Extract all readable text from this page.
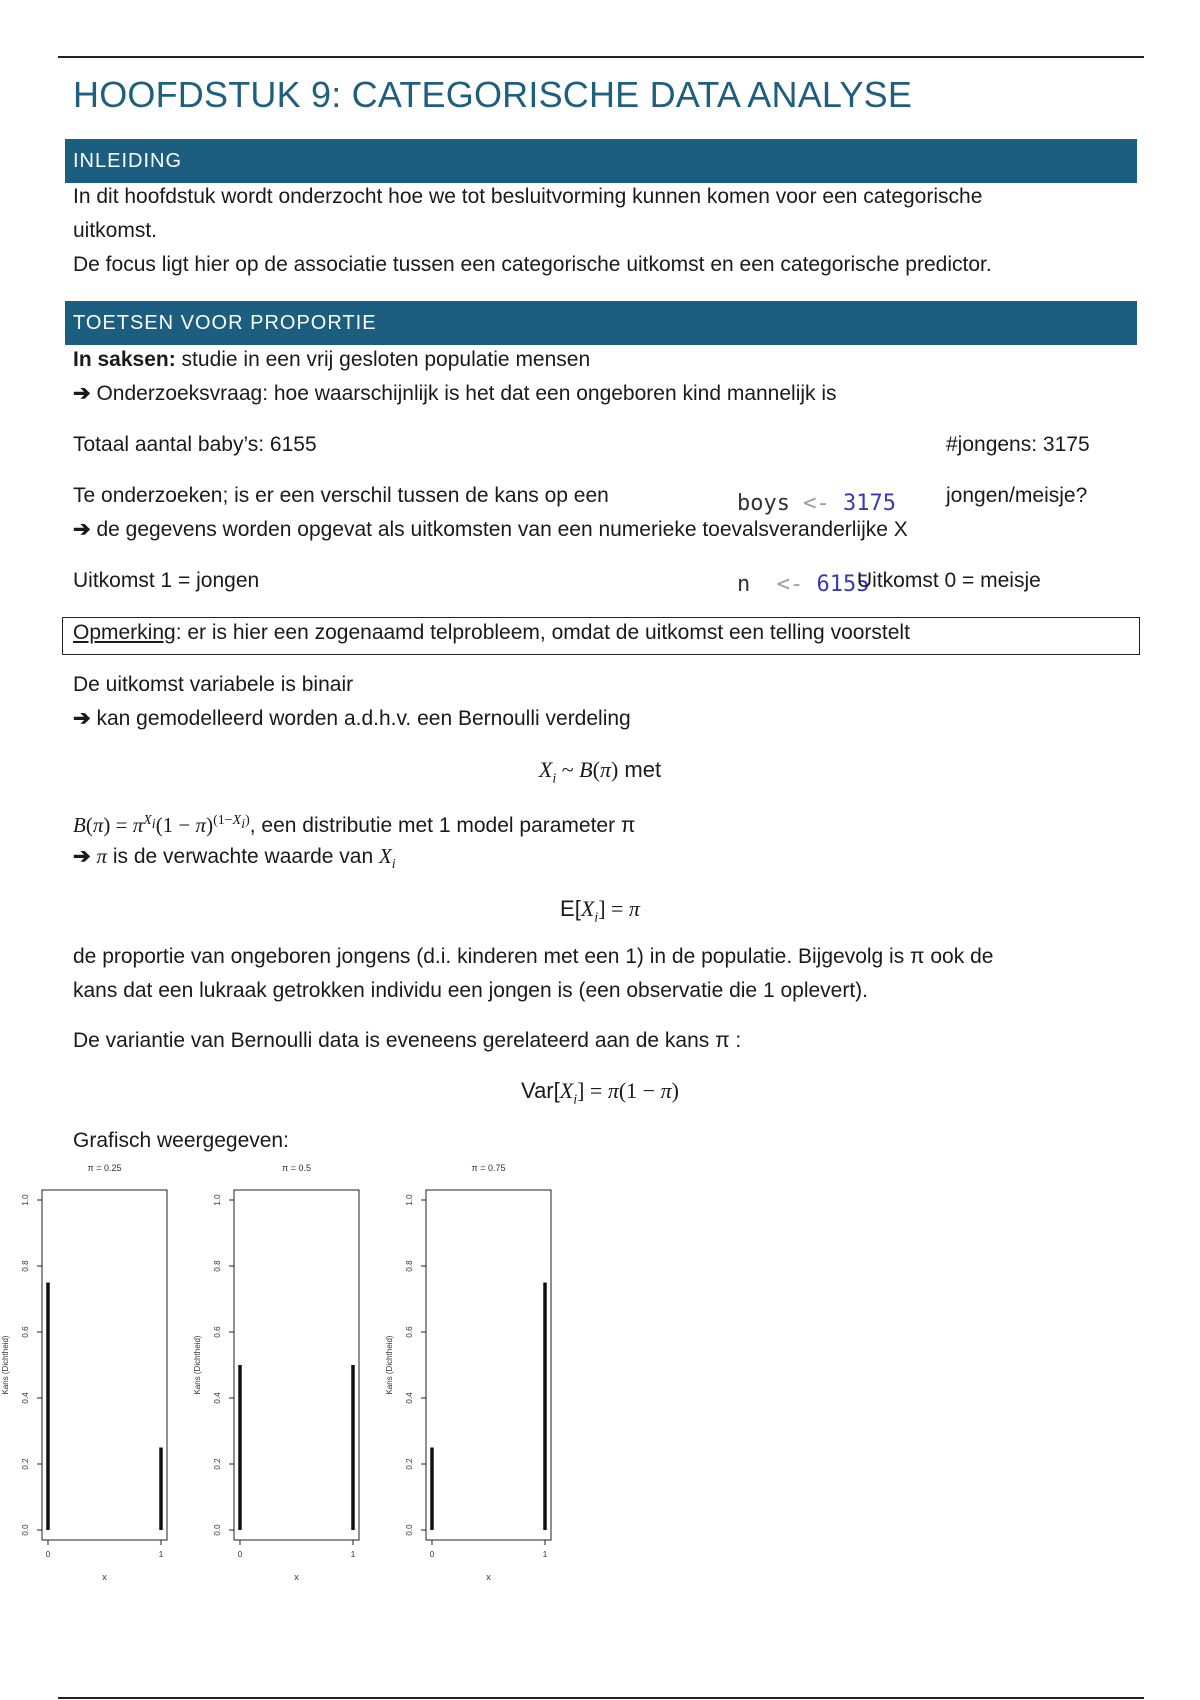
HOOFDSTUK 9: CATEGORISCHE DATA ANALYSE
INLEIDING
In dit hoofdstuk wordt onderzocht hoe we tot besluitvorming kunnen komen voor een categorische
uitkomst.
De focus ligt hier op de associatie tussen een categorische uitkomst en een categorische predictor.
TOETSEN VOOR PROPORTIE
In saksen: studie in een vrij gesloten populatie mensen
➔ Onderzoeksvraag: hoe waarschijnlijk is het dat een ongeboren kind mannelijk is
Totaal aantal baby’s: 6155

boys <- 3175

n  <- 6155

#jongens: 3175
Te onderzoeken; is er een verschil tussen de kans op een	jongen/meisje?
➔ de gegevens worden opgevat als uitkomsten van een numerieke toevalsveranderlijke X
Uitkomst 1 = jongen	Uitkomst 0 = meisje
Opmerking: er is hier een zogenaamd telprobleem, omdat de uitkomst een telling voorstelt
De uitkomst variabele is binair
➔ kan gemodelleerd worden a.d.h.v. een Bernoulli verdeling
$X_i$ ~ B(π) met
$B(\pi) = \pi^{X_i}(1 - \pi)^{(1-X_i)}$, een distributie met 1 model parameter π
➔ π is de verwachte waarde van $X_i$
$E[X_i] = \pi$
de proportie van ongeboren jongens (d.i. kinderen met een 1) in de populatie. Bijgevolg is π ook de
kans dat een lukraak getrokken individu een jongen is (een observatie die 1 oplevert).
De variantie van Bernoulli data is eveneens gerelateerd aan de kans π :
$Var[X_i] = \pi(1 - \pi)$
Grafisch weergegeven:
π = 0.25
0.0
0.2
0.4
0.6
0.8
1.0
Kans (Dichtheid)
0	1
x
π = 0.5
0.0
0.2
0.4
0.6
0.8
1.0
Kans (Dichtheid)
0	1
x
π = 0.75
0.0
0.2
0.4
0.6
0.8
1.0
Kans (Dichtheid)
0	1
x
